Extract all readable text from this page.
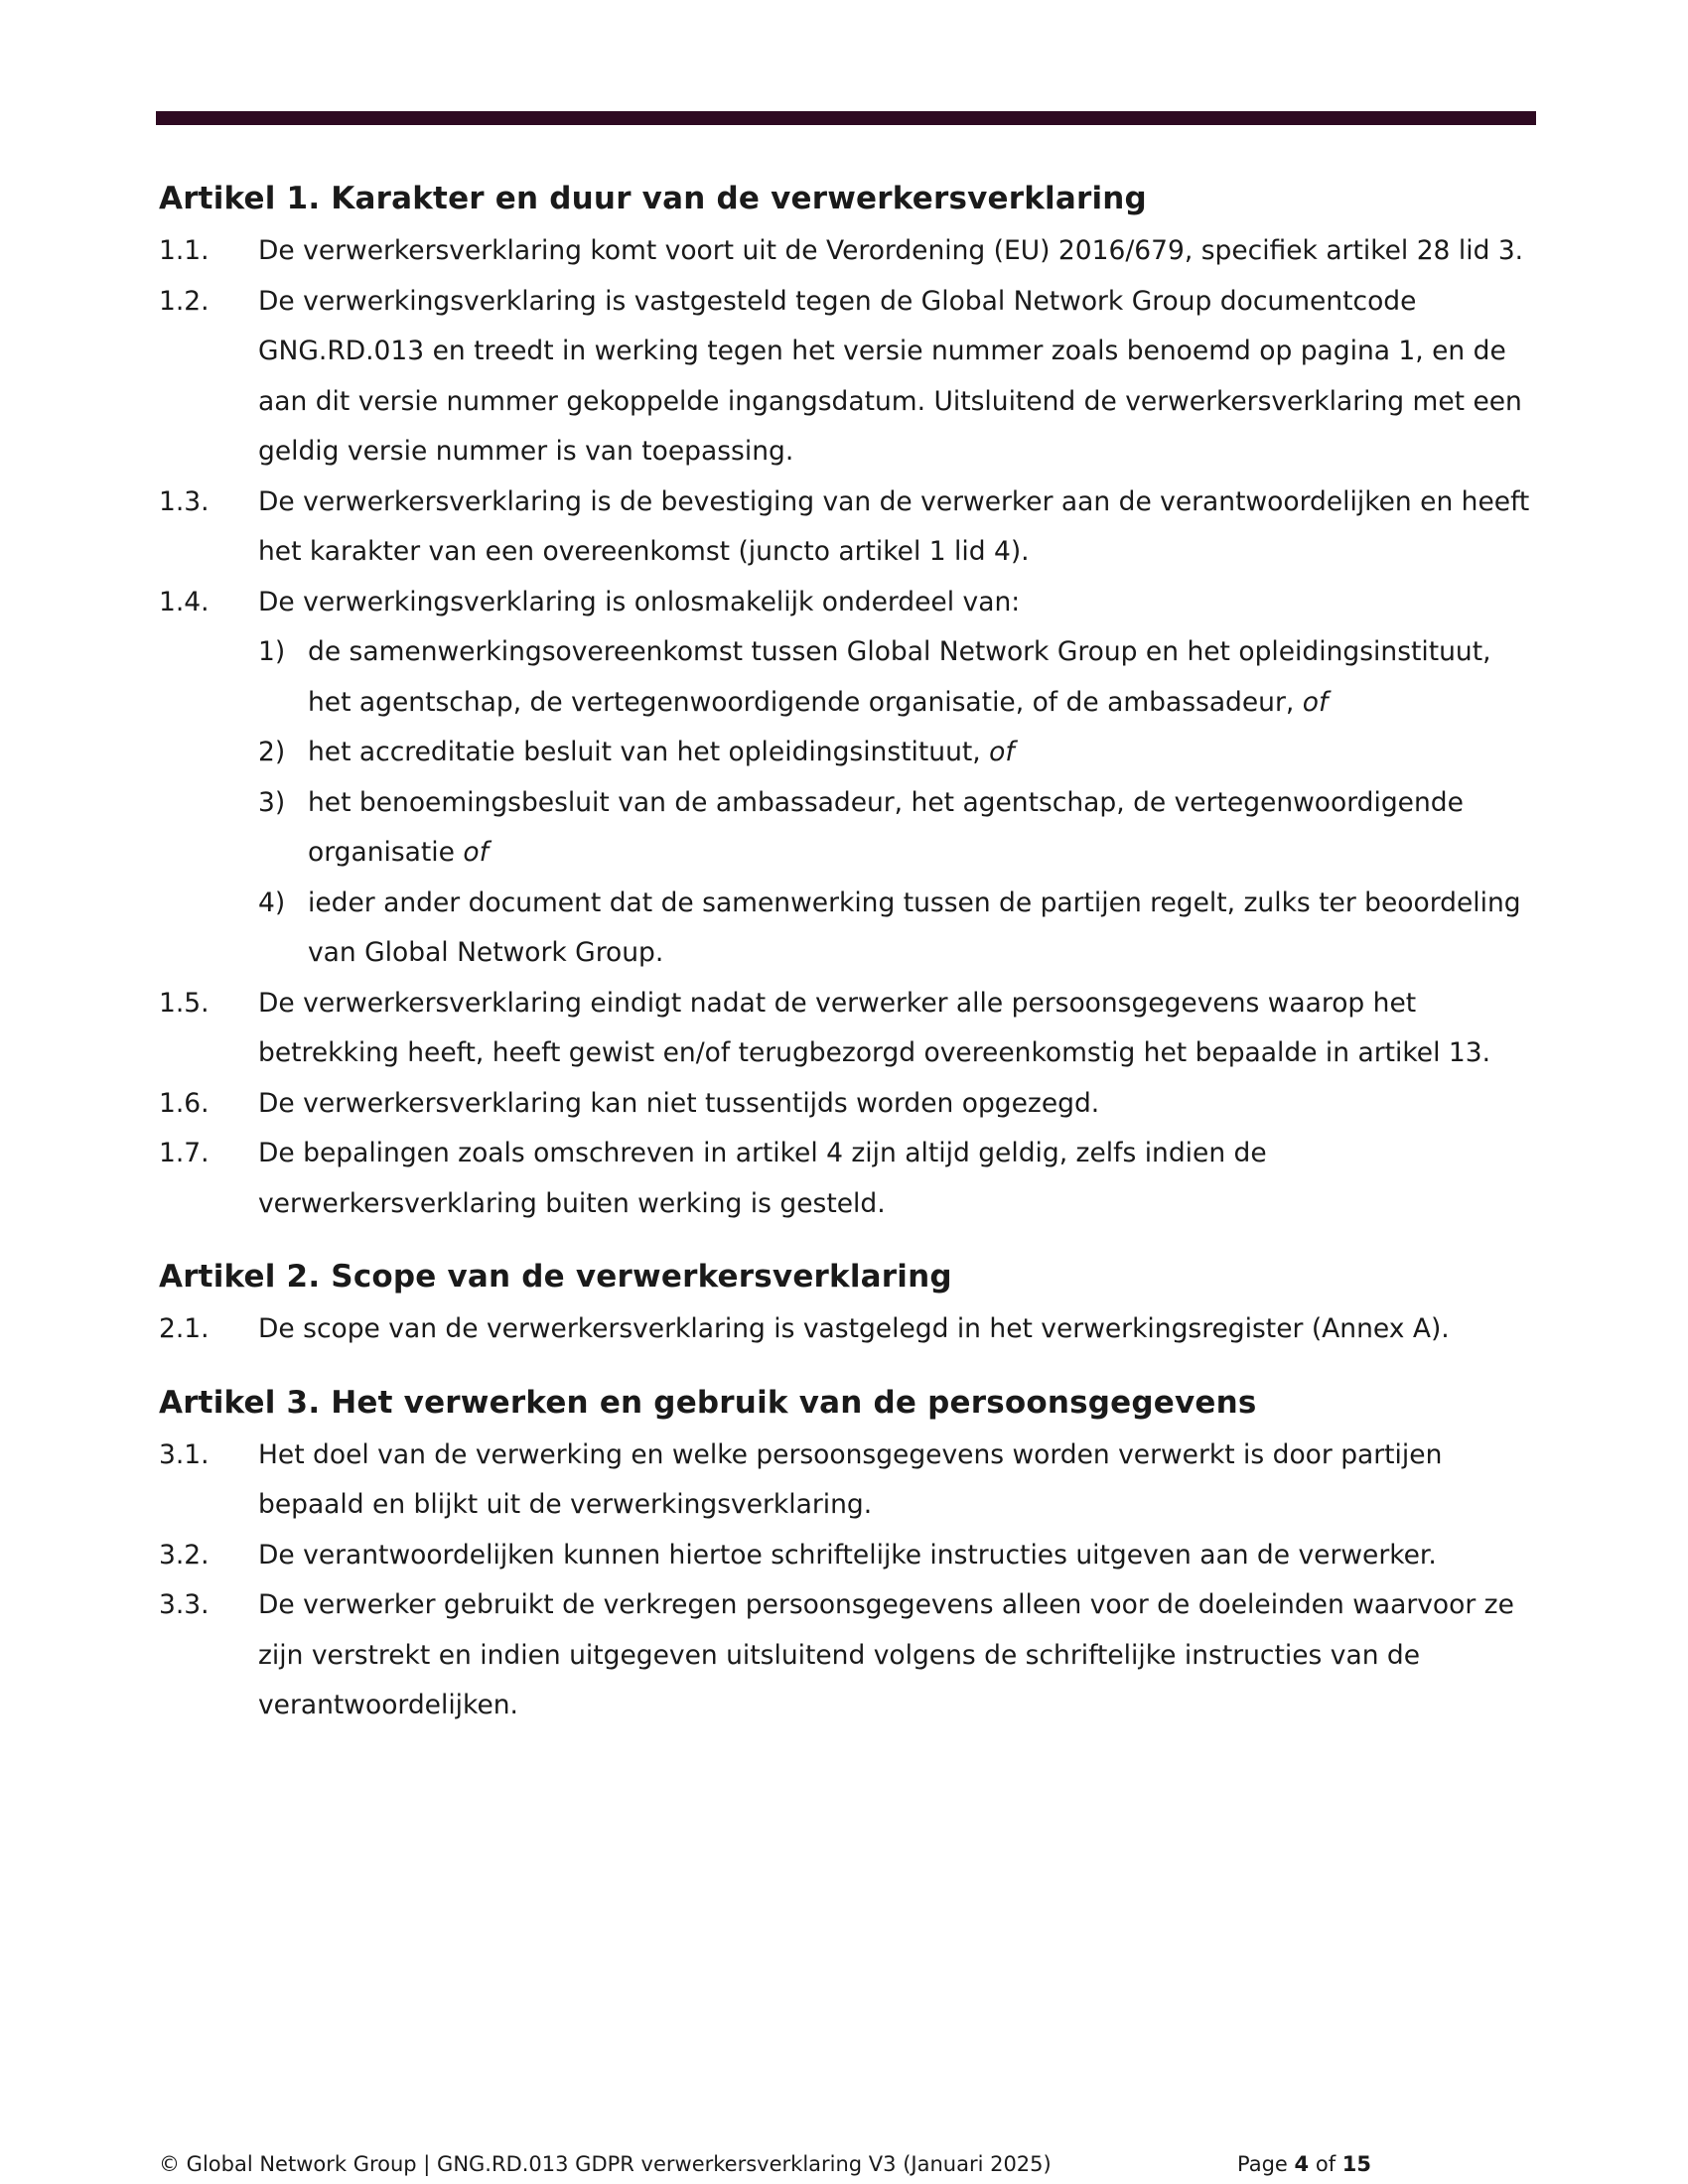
Artikel 1. Karakter en duur van de verwerkersverklaring
1.1.	De verwerkersverklaring komt voort uit de Verordening (EU) 2016/679, specifiek artikel 28 lid 3.
1.2.	De verwerkingsverklaring is vastgesteld tegen de Global Network Group documentcode GNG.RD.013 en treedt in werking tegen het versie nummer zoals benoemd op pagina 1, en de aan dit versie nummer gekoppelde ingangsdatum. Uitsluitend de verwerkersverklaring met een geldig versie nummer is van toepassing.
1.3.	De verwerkersverklaring is de bevestiging van de verwerker aan de verantwoordelijken en heeft het karakter van een overeenkomst (juncto artikel 1 lid 4).
1.4.	De verwerkingsverklaring is onlosmakelijk onderdeel van:
1) de samenwerkingsovereenkomst tussen Global Network Group en het opleidingsinstituut, het agentschap, de vertegenwoordigende organisatie, of de ambassadeur, of
2) het accreditatie besluit van het opleidingsinstituut, of
3) het benoemingsbesluit van de ambassadeur, het agentschap, de vertegenwoordigende organisatie of
4) ieder ander document dat de samenwerking tussen de partijen regelt, zulks ter beoordeling van Global Network Group.
1.5.	De verwerkersverklaring eindigt nadat de verwerker alle persoonsgegevens waarop het betrekking heeft, heeft gewist en/of terugbezorgd overeenkomstig het bepaalde in artikel 13.
1.6.	De verwerkersverklaring kan niet tussentijds worden opgezegd.
1.7.	De bepalingen zoals omschreven in artikel 4 zijn altijd geldig, zelfs indien de verwerkersverklaring buiten werking is gesteld.
Artikel 2. Scope van de verwerkersverklaring
2.1.	De scope van de verwerkersverklaring is vastgelegd in het verwerkingsregister (Annex A).
Artikel 3. Het verwerken en gebruik van de persoonsgegevens
3.1.	Het doel van de verwerking en welke persoonsgegevens worden verwerkt is door partijen bepaald en blijkt uit de verwerkingsverklaring.
3.2.	De verantwoordelijken kunnen hiertoe schriftelijke instructies uitgeven aan de verwerker.
3.3.	De verwerker gebruikt de verkregen persoonsgegevens alleen voor de doeleinden waarvoor ze zijn verstrekt en indien uitgegeven uitsluitend volgens de schriftelijke instructies van de verantwoordelijken.
© Global Network Group | GNG.RD.013 GDPR verwerkersverklaring V3 (Januari 2025)	Page 4 of 15
